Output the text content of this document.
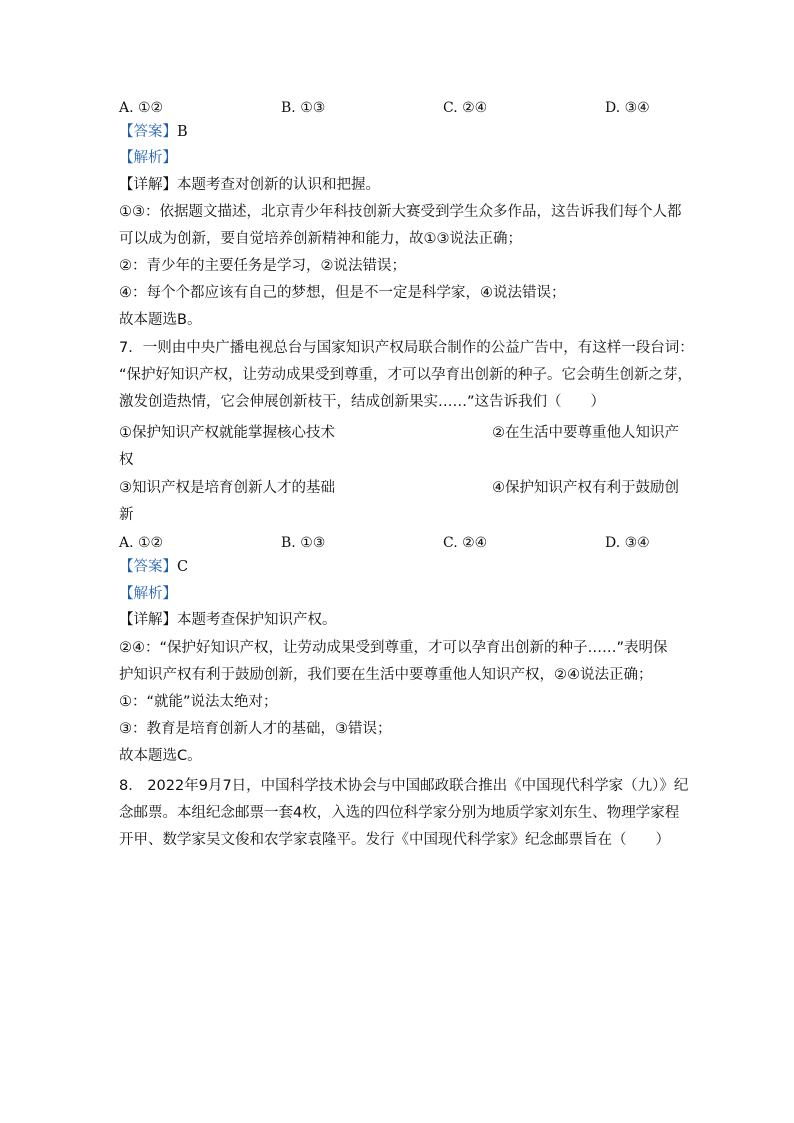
A. ①②	B. ①③	C. ②④	D. ③④
【答案】B
【解析】
【详解】本题考查对创新的认识和把握。
①③：依据题文描述，北京青少年科技创新大赛受到学生众多作品，这告诉我们每个人都
可以成为创新，要自觉培养创新精神和能力，故①③说法正确；
②：青少年的主要任务是学习，②说法错误；
④：每个个都应该有自己的梦想，但是不一定是科学家，④说法错误；
故本题选B。
7．一则由中央广播电视总台与国家知识产权局联合制作的公益广告中，有这样一段台词：
“保护好知识产权，让劳动成果受到尊重，才可以孕育出创新的种子。它会萌生创新之芽，
激发创造热情，它会伸展创新枝干，结成创新果实……”这告诉我们（　　）
①保护知识产权就能掌握核心技术	②在生活中要尊重他人知识产
权
③知识产权是培育创新人才的基础	④保护知识产权有利于鼓励创
新
A. ①②	B. ①③	C. ②④	D. ③④
【答案】C
【解析】
【详解】本题考查保护知识产权。
②④：“保护好知识产权，让劳动成果受到尊重，才可以孕育出创新的种子……”表明保
护知识产权有利于鼓励创新，我们要在生活中要尊重他人知识产权，②④说法正确；
①：“就能”说法太绝对；
③：教育是培育创新人才的基础，③错误；
故本题选C。
8． 2022年9月7日，中国科学技术协会与中国邮政联合推出《中国现代科学家（九）》纪
念邮票。本组纪念邮票一套4枚，入选的四位科学家分别为地质学家刘东生、物理学家程
开甲、数学家吴文俊和农学家袁隆平。发行《中国现代科学家》纪念邮票旨在（　　）
